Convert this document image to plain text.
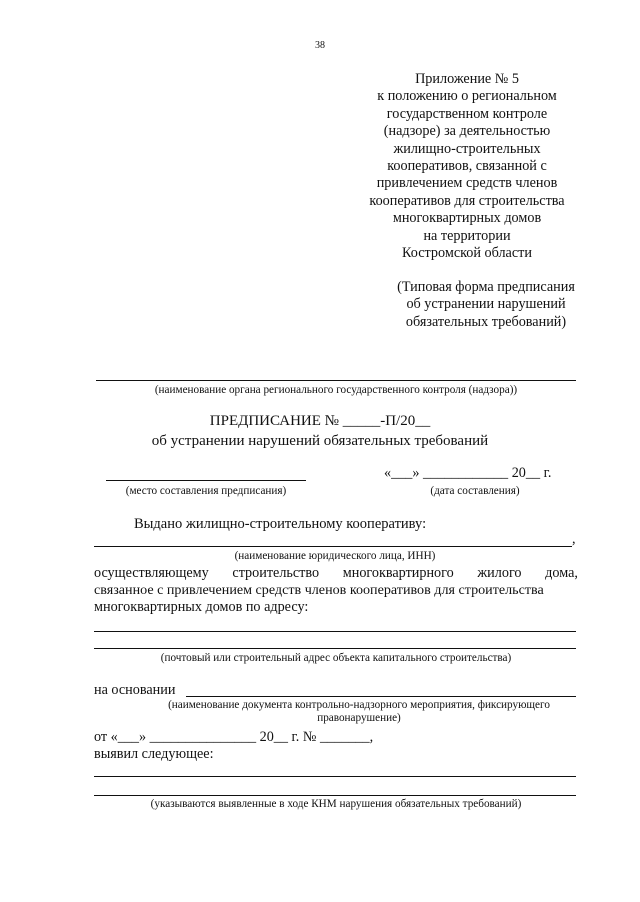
38
Приложение № 5
к положению о региональном
государственном контроле
(надзоре) за деятельностью
жилищно-строительных
кооперативов, связанной с
привлечением средств членов
кооперативов для строительства
многоквартирных домов
на территории
Костромской области
(Типовая форма предписания
об устранении нарушений
обязательных требований)
(наименование органа регионального государственного контроля (надзора))
ПРЕДПИСАНИЕ № _____-П/20__
об устранении нарушений обязательных требований
«___» ____________ 20__ г.
(место составления предписания)	(дата составления)
Выдано жилищно-строительному кооперативу:
,
(наименование юридического лица, ИНН)
осуществляющему строительство многоквартирного жилого дома,
связанное с привлечением средств членов кооперативов для строительства
многоквартирных домов по адресу:
(почтовый или строительный адрес объекта капитального строительства)
на основании
(наименование документа контрольно-надзорного мероприятия, фиксирующего
правонарушение)
от «___» _______________ 20__ г. № _______,
выявил следующее:
(указываются выявленные в ходе КНМ нарушения обязательных требований)
